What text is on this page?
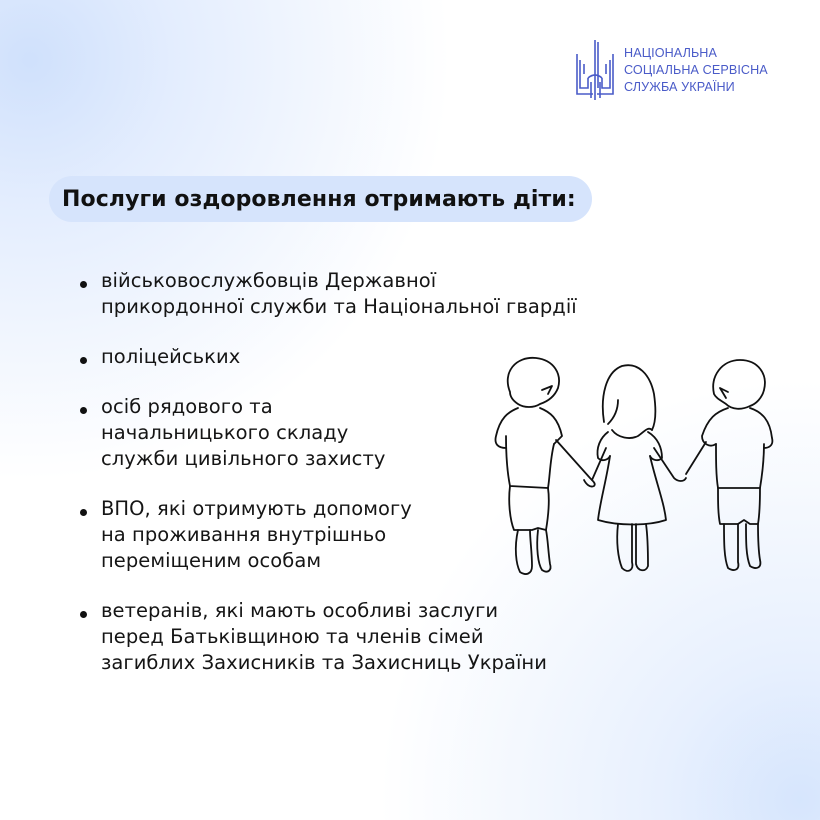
НАЦІОНАЛЬНА
СОЦІАЛЬНА СЕРВІСНА
СЛУЖБА УКРАЇНИ
Послуги оздоровлення отримають діти:
військовослужбовців Державної
прикордонної служби та Національної гвардії
поліцейських
осіб рядового та
начальницького складу
служби цивільного захисту
ВПО, які отримують допомогу
на проживання внутрішньо
переміщеним особам
ветеранів, які мають особливі заслуги
перед Батьківщиною та членів сімей
загиблих Захисників та Захисниць України
